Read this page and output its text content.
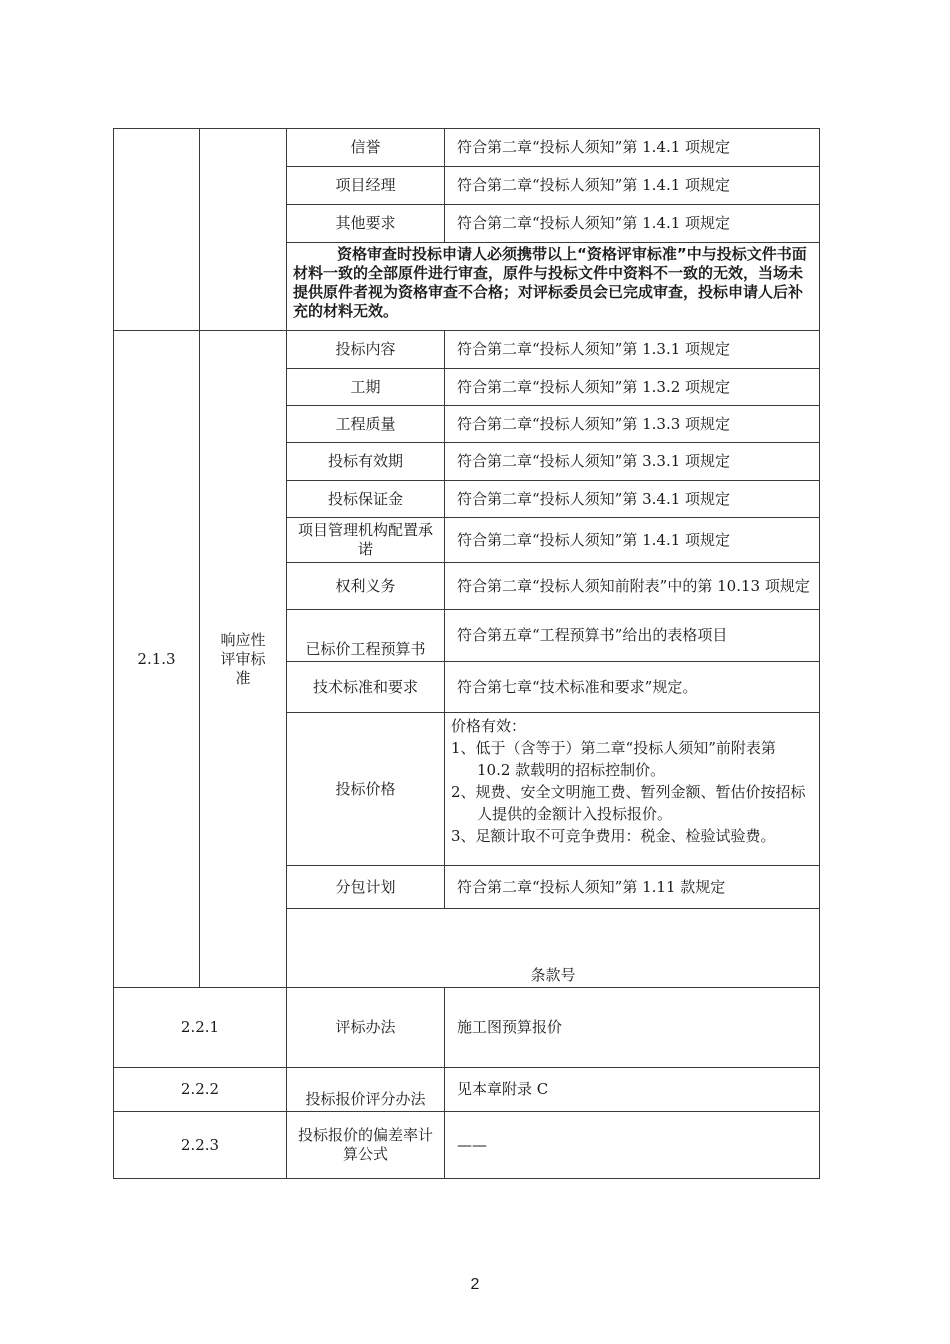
		信誉	符合第二章“投标人须知”第 1.4.1 项规定	
		项目经理	符合第二章“投标人须知”第 1.4.1 项规定	
		其他要求	符合第二章“投标人须知”第 1.4.1 项规定	
		资格审查时投标申请人必须携带以上“资格评审标准”中与投标文件书面材料一致的全部原件进行审查，原件与投标文件中资料不一致的无效，当场未提供原件者视为资格审查不合格；对评标委员会已完成审查，投标申请人后补充的材料无效。		
2.1.3	响应性评审标准	投标内容	符合第二章“投标人须知”第 1.3.1 项规定	
		工期	符合第二章“投标人须知”第 1.3.2 项规定	
		工程质量	符合第二章“投标人须知”第 1.3.3 项规定	
		投标有效期	符合第二章“投标人须知”第 3.3.1 项规定	
		投标保证金	符合第二章“投标人须知”第 3.4.1 项规定	
		项目管理机构配置承诺	符合第二章“投标人须知”第 1.4.1 项规定	
		权利义务	符合第二章“投标人须知前附表”中的第 10.13 项规定	
		已标价工程预算书	符合第五章“工程预算书”给出的表格项目	
		技术标准和要求	符合第七章“技术标准和要求”规定。	
		投标价格	价格有效：
1、低于（含等于）第二章“投标人须知”前附表第 10.2 款载明的招标控制价。
2、规费、安全文明施工费、暂列金额、暂估价按招标人提供的金额计入投标报价。
3、足额计取不可竞争费用：税金、检验试验费。	

		分包计划	符合第二章“投标人须知”第 1.11 款规定	
		条款号		
2.2.1		评标办法	施工图预算报价	
2.2.2		投标报价评分办法	见本章附录 C	
2.2.3		投标报价的偏差率计算公式	——	
2
